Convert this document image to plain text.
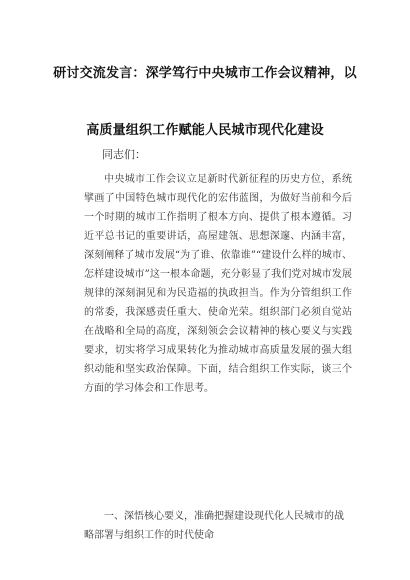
研讨交流发言：深学笃行中央城市工作会议精神，以
高质量组织工作赋能人民城市现代化建设
同志们：

中央城市工作会议立足新时代新征程的历史方位，系统擘画了中国特色城市现代化的宏伟蓝图，为做好当前和今后一个时期的城市工作指明了根本方向、提供了根本遵循。习近平总书记的重要讲话，高屋建瓴、思想深邃、内涵丰富，深刻阐释了城市发展“为了谁、依靠谁”“建设什么样的城市、怎样建设城市”这一根本命题，充分彰显了我们党对城市发展规律的深刻洞见和为民造福的执政担当。作为分管组织工作的常委，我深感责任重大、使命光荣。组织部门必须自觉站在战略和全局的高度，深刻领会会议精神的核心要义与实践要求，切实将学习成果转化为推动城市高质量发展的强大组织动能和坚实政治保障。下面，结合组织工作实际，谈三个方面的学习体会和工作思考。

一、深悟核心要义，准确把握建设现代化人民城市的战略部署与组织工作的时代使命
